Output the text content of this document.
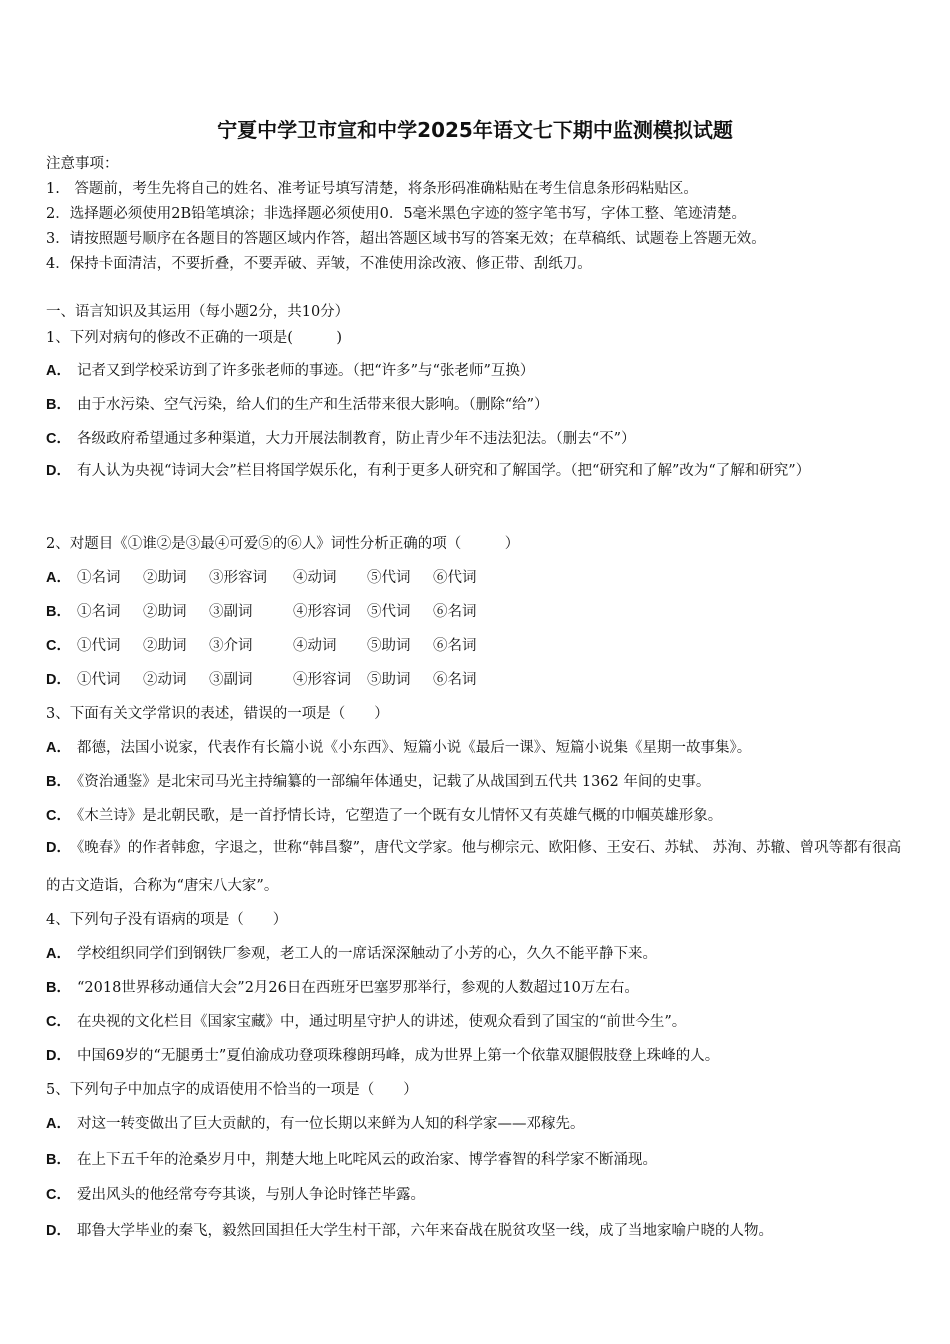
宁夏中学卫市宣和中学2025年语文七下期中监测模拟试题
注意事项：
1.　答题前，考生先将自己的姓名、准考证号填写清楚，将条形码准确粘贴在考生信息条形码粘贴区。
2．选择题必须使用2B铅笔填涂；非选择题必须使用0．5毫米黑色字迹的签字笔书写，字体工整、笔迹清楚。
3．请按照题号顺序在各题目的答题区域内作答，超出答题区域书写的答案无效；在草稿纸、试题卷上答题无效。
4．保持卡面清洁，不要折叠，不要弄破、弄皱，不准使用涂改液、修正带、刮纸刀。
一、语言知识及其运用（每小题2分，共10分）
1、下列对病句的修改不正确的一项是(　　　)
A． 记者又到学校采访到了许多张老师的事迹。（把“许多”与“张老师”互换）
B． 由于水污染、空气污染，给人们的生产和生活带来很大影响。（删除“给”）
C． 各级政府希望通过多种渠道，大力开展法制教育，防止青少年不违法犯法。（删去“不”）
D． 有人认为央视“诗词大会”栏目将国学娱乐化，有利于更多人研究和了解国学。（把“研究和了解”改为“了解和研究”）
2、对题目《①谁②是③最④可爱⑤的⑥人》词性分析正确的项（　　　）
A． ①名词 ②助词 ③形容词 ④动词 ⑤代词 ⑥代词
B． ①名词 ②助词 ③副词	④形容词 ⑤代词 ⑥名词
C． ①代词 ②助词 ③介词	④动词 ⑤助词 ⑥名词
D． ①代词 ②动词 ③副词	④形容词 ⑤助词 ⑥名词
3、下面有关文学常识的表述，错误的一项是（　　）
A． 都德，法国小说家，代表作有长篇小说《小东西》、短篇小说《最后一课》、短篇小说集《星期一故事集》。
B． 《资治通鉴》是北宋司马光主持编纂的一部编年体通史，记载了从战国到五代共 1362 年间的史事。
C． 《木兰诗》是北朝民歌，是一首抒情长诗，它塑造了一个既有女儿情怀又有英雄气概的巾帼英雄形象。
D． 《晚春》的作者韩愈，字退之，世称“韩昌黎”，唐代文学家。他与柳宗元、欧阳修、王安石、苏轼、 苏洵、苏辙、曾巩等都有很高的古文造诣，合称为“唐宋八大家”。
4、下列句子没有语病的项是（　　）
A． 学校组织同学们到钢铁厂参观，老工人的一席话深深触动了小芳的心，久久不能平静下来。
B． “2018世界移动通信大会”2月26日在西班牙巴塞罗那举行，参观的人数超过10万左右。
C． 在央视的文化栏目《国家宝藏》中，通过明星守护人的讲述，使观众看到了国宝的“前世今生”。
D． 中国69岁的“无腿勇士”夏伯渝成功登项珠穆朗玛峰，成为世界上第一个依靠双腿假肢登上珠峰的人。
5、下列句子中加点字的成语使用不恰当的一项是（　　）
A． 对这一转变做出了巨大贡献的，有一位长期以来鲜为人知的科学家——邓稼先。
B． 在上下五千年的沧桑岁月中，荆楚大地上叱咤风云的政治家、博学睿智的科学家不断涌现。
C． 爱出风头的他经常夸夸其谈，与别人争论时锋芒毕露。
D． 耶鲁大学毕业的秦飞，毅然回国担任大学生村干部，六年来奋战在脱贫攻坚一线，成了当地家喻户晓的人物。
